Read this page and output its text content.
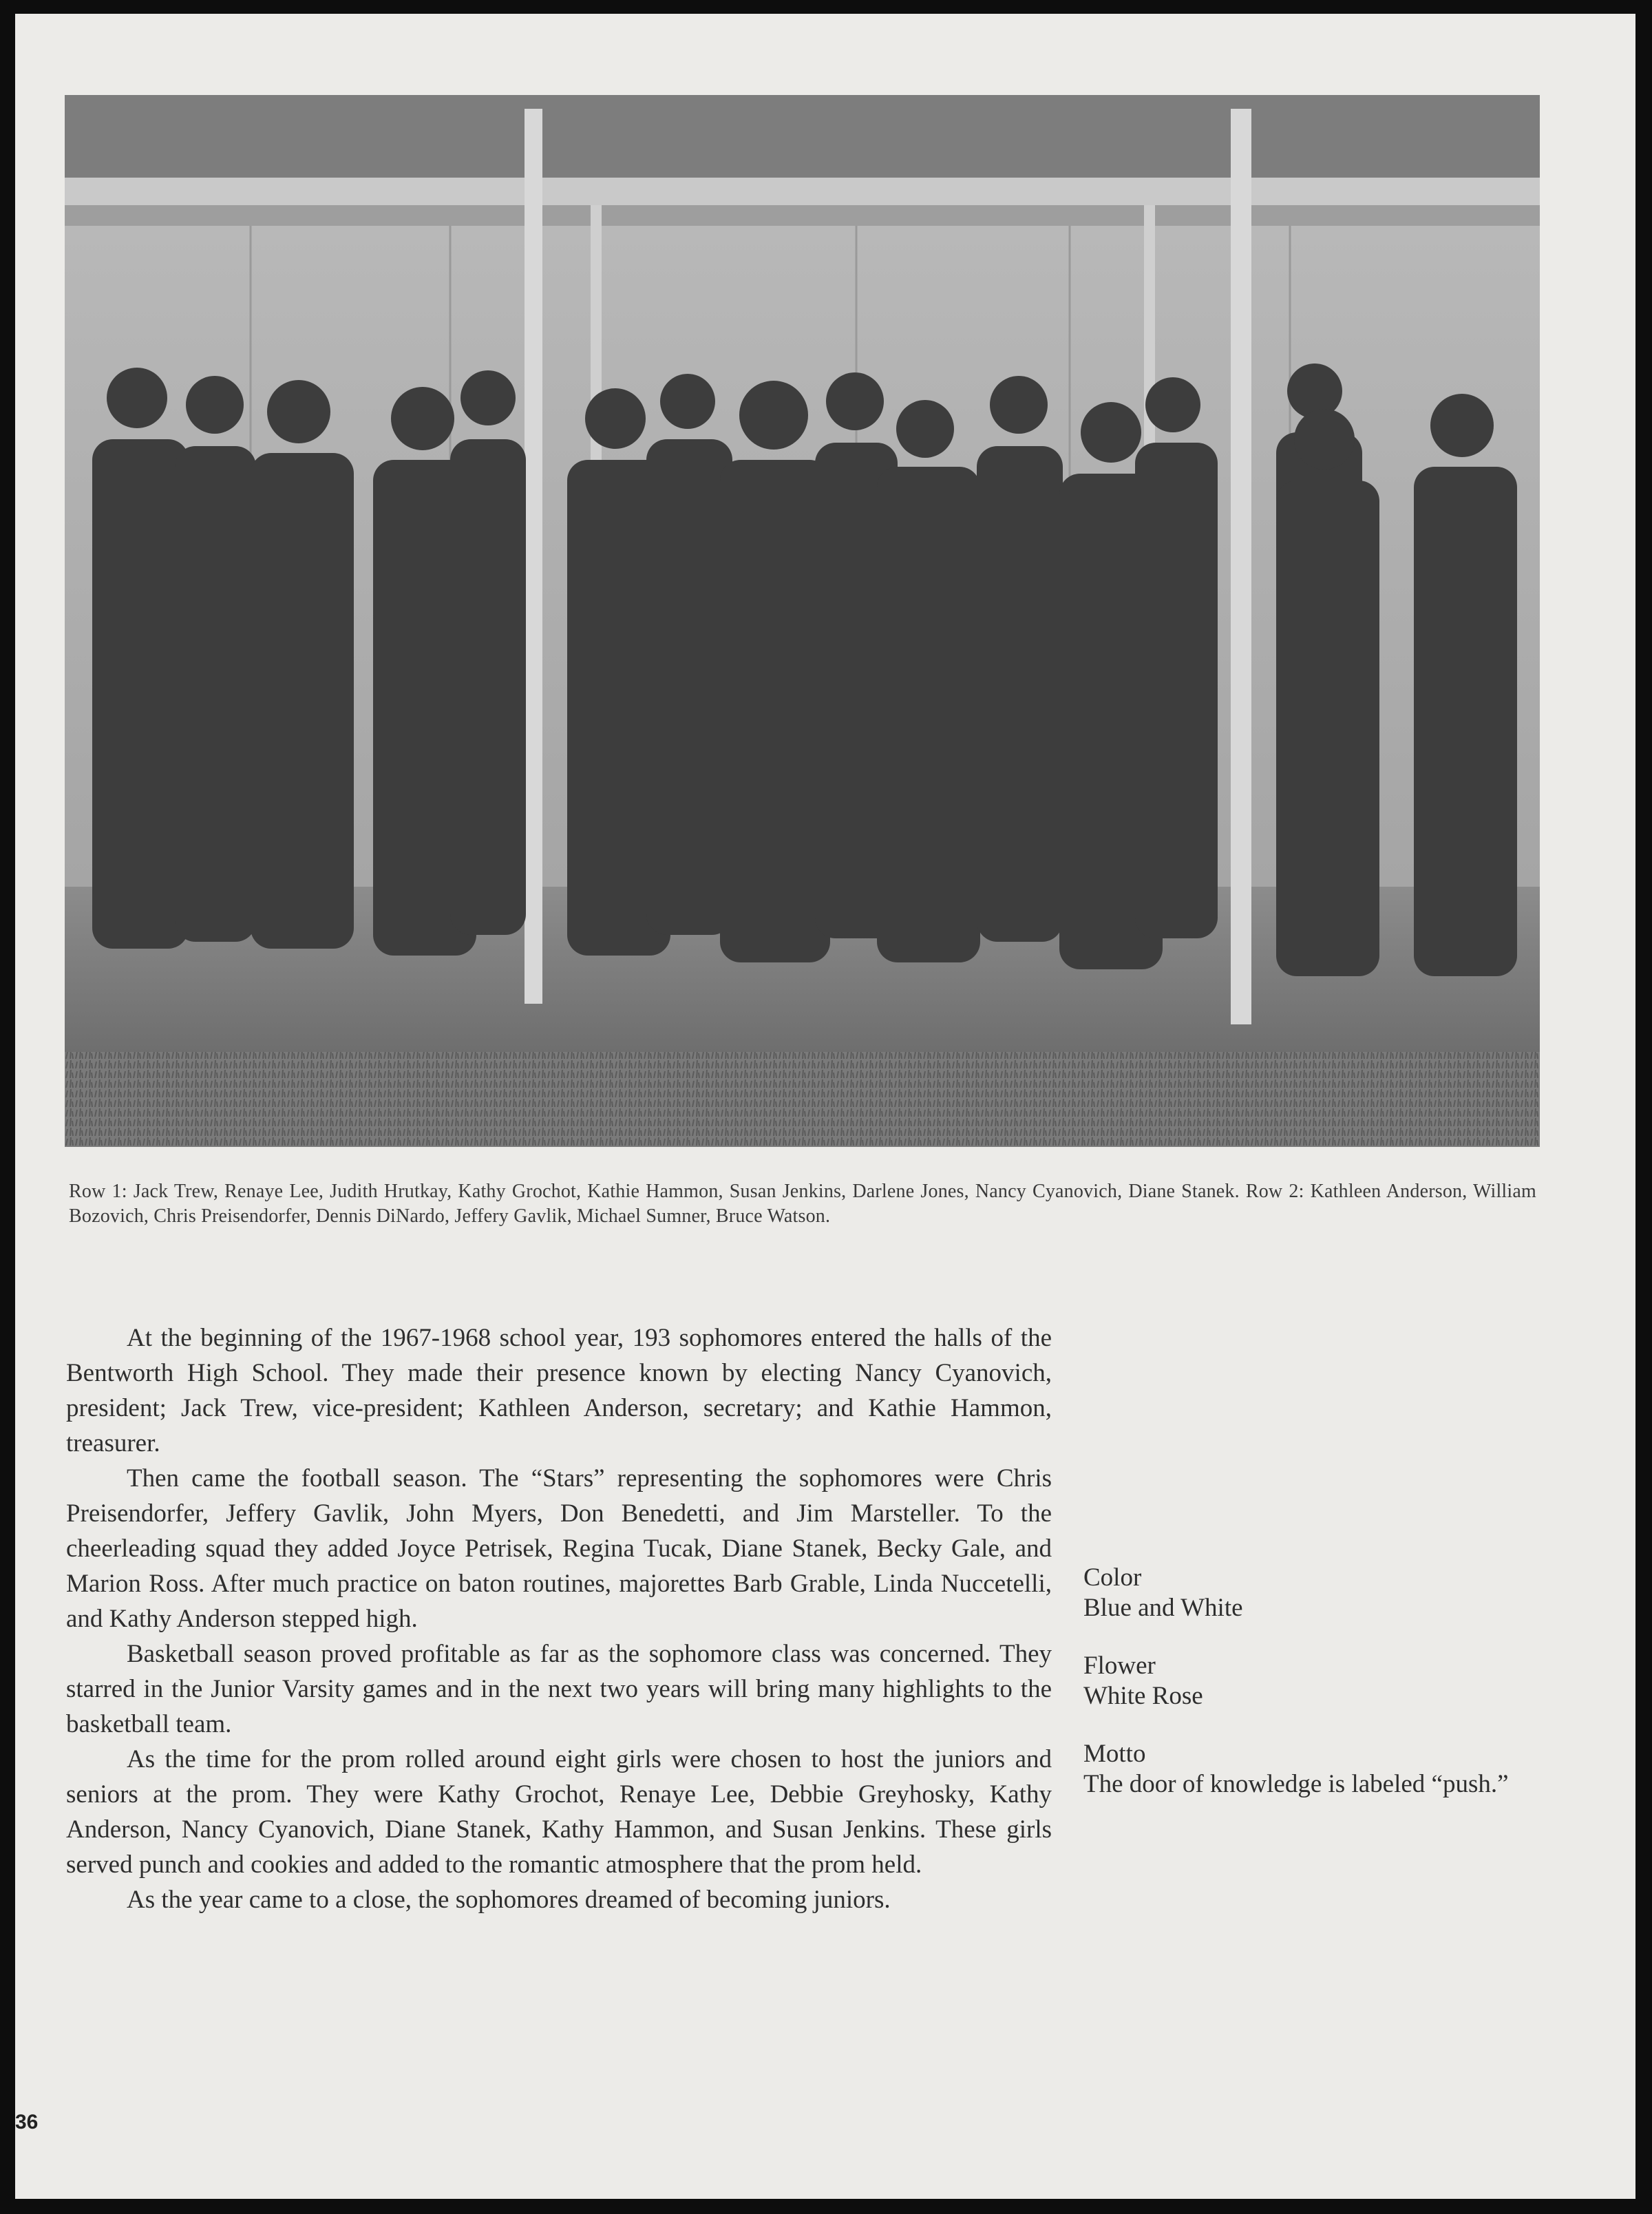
Row 1: Jack Trew, Renaye Lee, Judith Hrutkay, Kathy Grochot, Kathie Hammon, Susan Jenkins, Darlene Jones, Nancy Cyanovich, Diane Stanek. Row 2: Kathleen Anderson, William Bozovich, Chris Preisendorfer, Dennis DiNardo, Jeffery Gavlik, Michael Sumner, Bruce Watson.

At the beginning of the 1967-1968 school year, 193 sophomores entered the halls of the Bentworth High School. They made their presence known by electing Nancy Cyanovich, president; Jack Trew, vice-president; Kathleen Anderson, secretary; and Kathie Hammon, treasurer.

Then came the football season. The “Stars” representing the sophomores were Chris Preisendorfer, Jeffery Gavlik, John Myers, Don Benedetti, and Jim Marsteller. To the cheerleading squad they added Joyce Petrisek, Regina Tucak, Diane Stanek, Becky Gale, and Marion Ross. After much practice on baton routines, majorettes Barb Grable, Linda Nuccetelli, and Kathy Anderson stepped high.

Basketball season proved profitable as far as the sophomore class was concerned. They starred in the Junior Varsity games and in the next two years will bring many highlights to the basketball team.

As the time for the prom rolled around eight girls were chosen to host the juniors and seniors at the prom. They were Kathy Grochot, Renaye Lee, Debbie Greyhosky, Kathy Anderson, Nancy Cyanovich, Diane Stanek, Kathy Hammon, and Susan Jenkins. These girls served punch and cookies and added to the romantic atmosphere that the prom held.

As the year came to a close, the sophomores dreamed of becoming juniors.

Color
Blue and White
Flower
White Rose
Motto
The door of knowledge is labeled “push.”
36
